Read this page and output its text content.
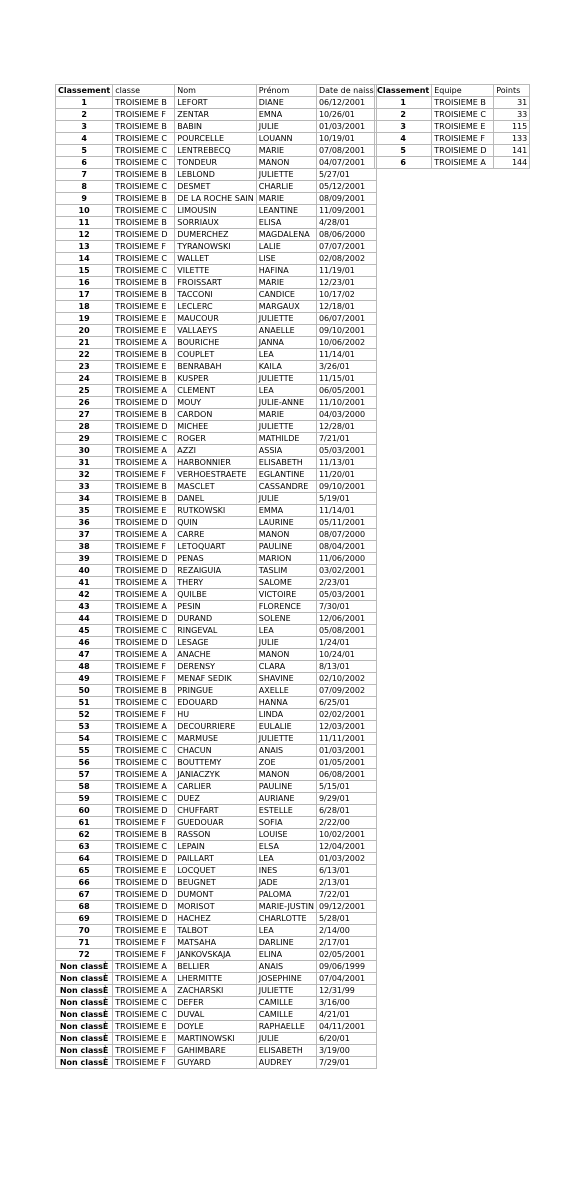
Classement	classe	Nom	Prénom	Date de naiss
1	TROISIEME B	LEFORT	DIANE	06/12/2001
2	TROISIEME F	ZENTAR	EMNA	10/26/01
3	TROISIEME B	BABIN	JULIE	01/03/2001
4	TROISIEME C	POURCELLE	LOUANN	10/19/01
5	TROISIEME C	LENTREBECQ	MARIE	07/08/2001
6	TROISIEME C	TONDEUR	MANON	04/07/2001
7	TROISIEME B	LEBLOND	JULIETTE	5/27/01
8	TROISIEME C	DESMET	CHARLIE	05/12/2001
9	TROISIEME B	DE LA ROCHE SAIN	MARIE	08/09/2001
10	TROISIEME C	LIMOUSIN	LEANTINE	11/09/2001
11	TROISIEME B	SORRIAUX	ELISA	4/28/01
12	TROISIEME D	DUMERCHEZ	MAGDALENA	08/06/2000
13	TROISIEME F	TYRANOWSKI	LALIE	07/07/2001
14	TROISIEME C	WALLET	LISE	02/08/2002
15	TROISIEME C	VILETTE	HAFINA	11/19/01
16	TROISIEME B	FROISSART	MARIE	12/23/01
17	TROISIEME B	TACCONI	CANDICE	10/17/02
18	TROISIEME E	LECLERC	MARGAUX	12/18/01
19	TROISIEME E	MAUCOUR	JULIETTE	06/07/2001
20	TROISIEME E	VALLAEYS	ANAELLE	09/10/2001
21	TROISIEME A	BOURICHE	JANNA	10/06/2002
22	TROISIEME B	COUPLET	LEA	11/14/01
23	TROISIEME E	BENRABAH	KAILA	3/26/01
24	TROISIEME B	KUSPER	JULIETTE	11/15/01
25	TROISIEME A	CLEMENT	LEA	06/05/2001
26	TROISIEME D	MOUY	JULIE-ANNE	11/10/2001
27	TROISIEME B	CARDON	MARIE	04/03/2000
28	TROISIEME D	MICHEE	JULIETTE	12/28/01
29	TROISIEME C	ROGER	MATHILDE	7/21/01
30	TROISIEME A	AZZI	ASSIA	05/03/2001
31	TROISIEME A	HARBONNIER	ELISABETH	11/13/01
32	TROISIEME F	VERHOESTRAETE	EGLANTINE	11/20/01
33	TROISIEME B	MASCLET	CASSANDRE	09/10/2001
34	TROISIEME B	DANEL	JULIE	5/19/01
35	TROISIEME E	RUTKOWSKI	EMMA	11/14/01
36	TROISIEME D	QUIN	LAURINE	05/11/2001
37	TROISIEME A	CARRE	MANON	08/07/2000
38	TROISIEME F	LETOQUART	PAULINE	08/04/2001
39	TROISIEME D	PENAS	MARION	11/06/2000
40	TROISIEME D	REZAIGUIA	TASLIM	03/02/2001
41	TROISIEME A	THERY	SALOME	2/23/01
42	TROISIEME A	QUILBE	VICTOIRE	05/03/2001
43	TROISIEME A	PESIN	FLORENCE	7/30/01
44	TROISIEME D	DURAND	SOLENE	12/06/2001
45	TROISIEME C	RINGEVAL	LEA	05/08/2001
46	TROISIEME D	LESAGE	JULIE	1/24/01
47	TROISIEME A	ANACHE	MANON	10/24/01
48	TROISIEME F	DERENSY	CLARA	8/13/01
49	TROISIEME F	MENAF SEDIK	SHAVINE	02/10/2002
50	TROISIEME B	PRINGUE	AXELLE	07/09/2002
51	TROISIEME C	EDOUARD	HANNA	6/25/01
52	TROISIEME F	HU	LINDA	02/02/2001
53	TROISIEME A	DECOURRIERE	EULALIE	12/03/2001
54	TROISIEME C	MARMUSE	JULIETTE	11/11/2001
55	TROISIEME C	CHACUN	ANAIS	01/03/2001
56	TROISIEME C	BOUTTEMY	ZOE	01/05/2001
57	TROISIEME A	JANIACZYK	MANON	06/08/2001
58	TROISIEME A	CARLIER	PAULINE	5/15/01
59	TROISIEME C	DUEZ	AURIANE	9/29/01
60	TROISIEME D	CHUFFART	ESTELLE	6/28/01
61	TROISIEME F	GUEDOUAR	SOFIA	2/22/00
62	TROISIEME B	RASSON	LOUISE	10/02/2001
63	TROISIEME C	LEPAIN	ELSA	12/04/2001
64	TROISIEME D	PAILLART	LEA	01/03/2002
65	TROISIEME E	LOCQUET	INES	6/13/01
66	TROISIEME D	BEUGNET	JADE	2/13/01
67	TROISIEME D	DUMONT	PALOMA	7/22/01
68	TROISIEME D	MORISOT	MARIE-JUSTIN	09/12/2001
69	TROISIEME D	HACHEZ	CHARLOTTE	5/28/01
70	TROISIEME E	TALBOT	LEA	2/14/00
71	TROISIEME F	MATSAHA	DARLINE	2/17/01
72	TROISIEME F	JANKOVSKAJA	ELINA	02/05/2001
Non classÈ	TROISIEME A	BELLIER	ANAIS	09/06/1999
Non classÈ	TROISIEME A	LHERMITTE	JOSEPHINE	07/04/2001
Non classÈ	TROISIEME A	ZACHARSKI	JULIETTE	12/31/99
Non classÈ	TROISIEME C	DEFER	CAMILLE	3/16/00
Non classÈ	TROISIEME C	DUVAL	CAMILLE	4/21/01
Non classÈ	TROISIEME E	DOYLE	RAPHAELLE	04/11/2001
Non classÈ	TROISIEME E	MARTINOWSKI	JULIE	6/20/01
Non classÈ	TROISIEME F	GAHIMBARE	ELISABETH	3/19/00
Non classÈ	TROISIEME F	GUYARD	AUDREY	7/29/01
Classement	Equipe	Points
1	TROISIEME B	31
2	TROISIEME C	33
3	TROISIEME E	115
4	TROISIEME F	133
5	TROISIEME D	141
6	TROISIEME A	144
